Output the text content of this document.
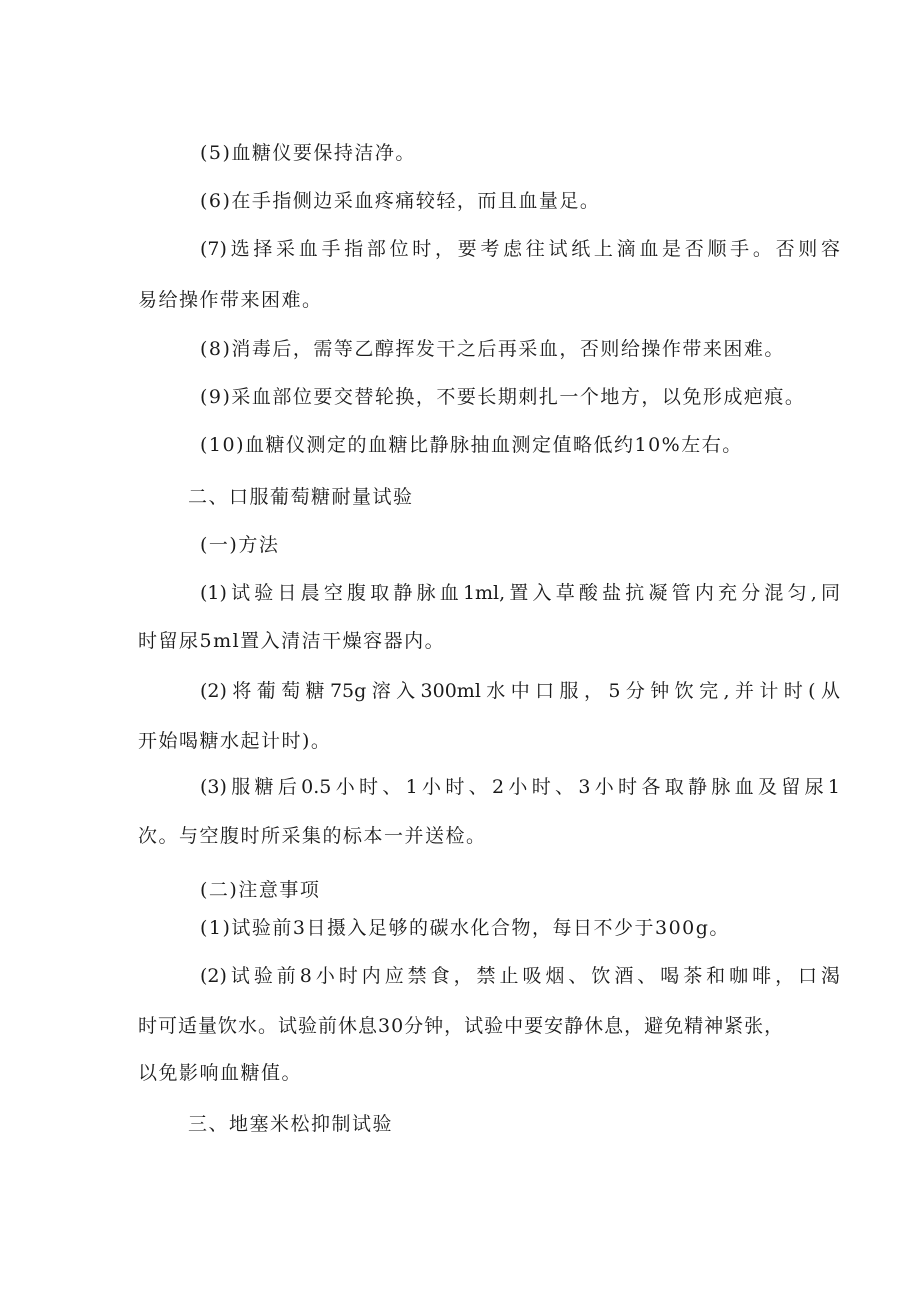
(5)血糖仪要保持洁净。
(6)在手指侧边采血疼痛较轻，而且血量足。
(7)选择采血手指部位时，要考虑往试纸上滴血是否顺手。否则容
易给操作带来困难。
(8)消毒后，需等乙醇挥发干之后再采血，否则给操作带来困难。
(9)采血部位要交替轮换，不要长期刺扎一个地方，以免形成疤痕。
(10)血糖仪测定的血糖比静脉抽血测定值略低约10%左右。
二、口服葡萄糖耐量试验
(一)方法
(1)试验日晨空腹取静脉血1ml,置入草酸盐抗凝管内充分混匀,同
时留尿5ml置入清洁干燥容器内。
(2)将葡萄糖75g溶入300ml水中口服，5分钟饮完,并计时(从
开始喝糖水起计时)。
(3)服糖后0.5小时、1小时、2小时、3小时各取静脉血及留尿1
次。与空腹时所采集的标本一并送检。
(二)注意事项
(1)试验前3日摄入足够的碳水化合物，每日不少于300g。
(2)试验前8小时内应禁食，禁止吸烟、饮酒、喝茶和咖啡，口渴
时可适量饮水。试验前休息30分钟，试验中要安静休息，避免精神紧张，
以免影响血糖值。
三、地塞米松抑制试验
